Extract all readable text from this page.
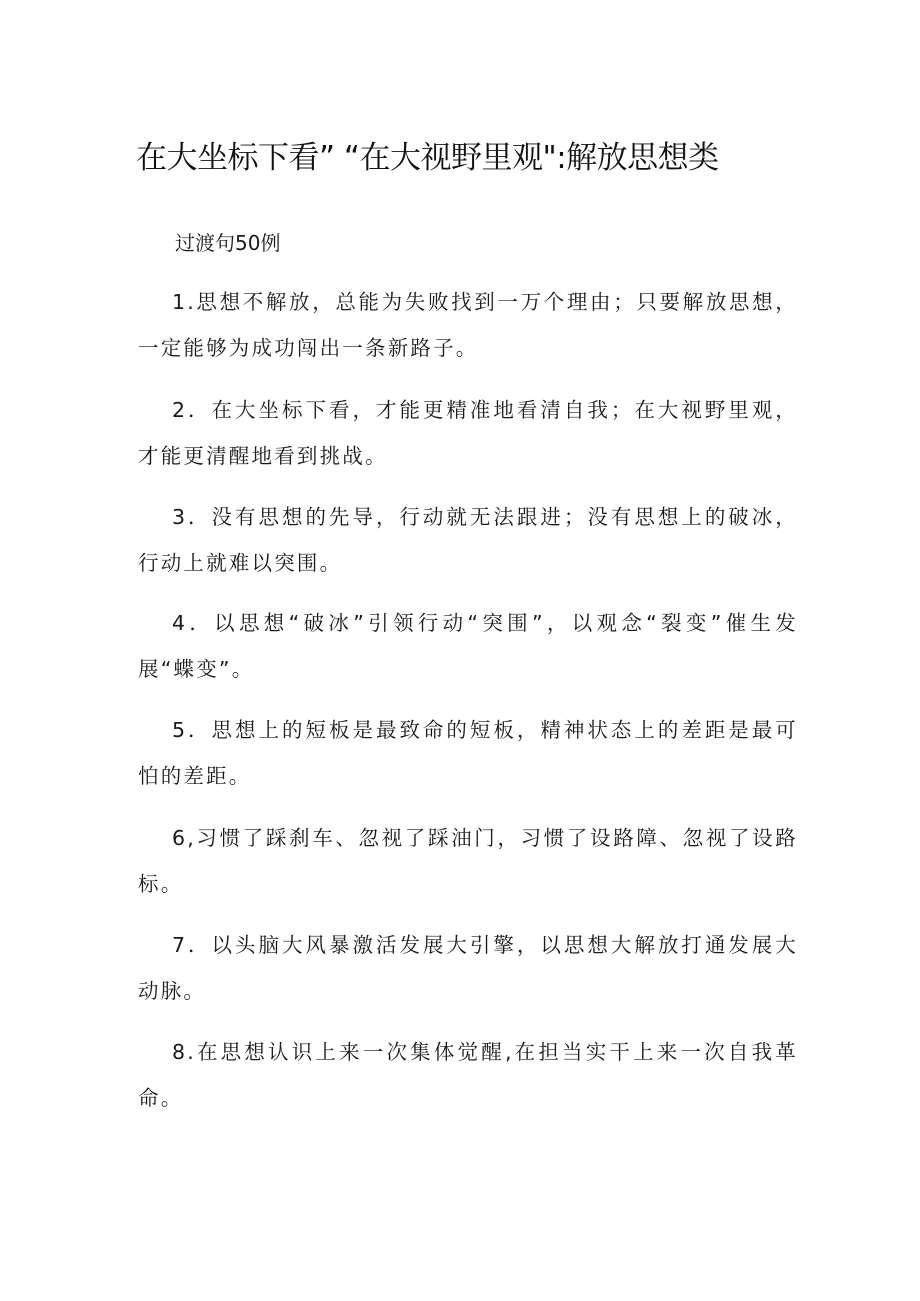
在大坐标下看” “在大视野里观":解放思想类

过渡句50例

1.思想不解放，总能为失败找到一万个理由；只要解放思想，一定能够为成功闯出一条新路子。

2．在大坐标下看，才能更精准地看清自我；在大视野里观，才能更清醒地看到挑战。

3．没有思想的先导，行动就无法跟进；没有思想上的破冰，行动上就难以突围。

4．以思想“破冰”引领行动“突围”，以观念“裂变”催生发展“蝶变”。

5．思想上的短板是最致命的短板，精神状态上的差距是最可怕的差距。

6,习惯了踩刹车、忽视了踩油门，习惯了设路障、忽视了设路标。

7．以头脑大风暴激活发展大引擎，以思想大解放打通发展大动脉。

8.在思想认识上来一次集体觉醒,在担当实干上来一次自我革命。
